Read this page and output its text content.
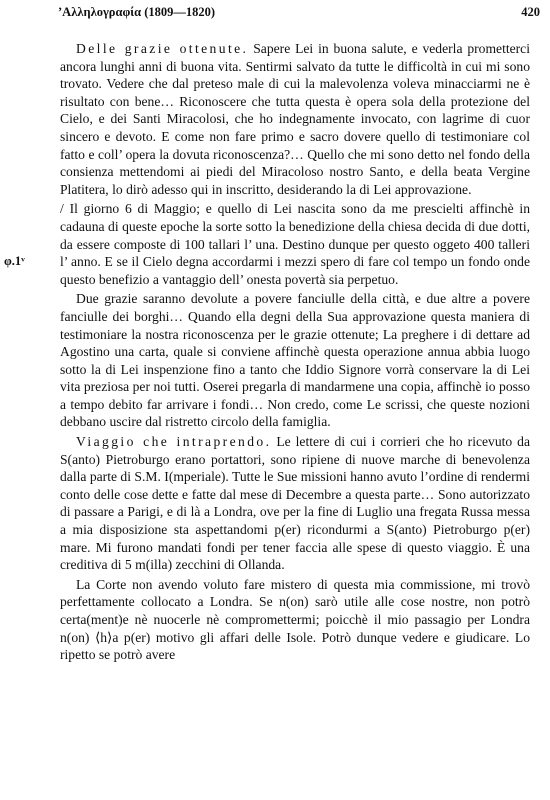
’Αλληλογραφία (1809—1820)	420
φ.1ᵛ

Delle grazie ottenute. Sapere Lei in buona salute, e vederla prometterci ancora lunghi anni di buona vita. Sentirmi salvato da tutte le difficoltà in cui mi sono trovato. Vedere che dal preteso male di cui la malevolenza voleva minacciarmi ne è risultato con bene… Riconoscere che tutta questa è opera sola della protezione del Cielo, e dei Santi Miracolosi, che ho indegnamente invocato, con lagrime di cuor sincero e devoto. E come non fare primo e sacro dovere quello di testimoniare col fatto e coll’ opera la dovuta riconoscenza?… Quello che mi sono detto nel fondo della consienza mettendomi ai piedi del Miracoloso nostro Santo, e della beata Vergine Platitera, lo dirò adesso qui in inscritto, desiderando la di Lei approvazione.

/ Il giorno 6 di Maggio; e quello di Lei nascita sono da me prescielti affinchè in cadauna di queste epoche la sorte sotto la benedizione della chiesa decida di due dotti, da essere composte di 100 tallari l’ una. Destino dunque per questo oggeto 400 talleri l’ anno. E se il Cielo degna accordarmi i mezzi spero di fare col tempo un fondo onde questo benefizio a vantaggio dell’ onesta povertà sia perpetuo.

Due grazie saranno devolute a povere fanciulle della città, e due altre a povere fanciulle dei borghi… Quando ella degni della Sua approvazione questa maniera di testimoniare la nostra riconoscenza per le grazie ottenute; La preghere i di dettare ad Agostino una carta, quale si conviene affinchè questa operazione annua abbia luogo sotto la di Lei inspenzione fino a tanto che Iddio Signore vorrà conservare la di Lei vita preziosa per noi tutti. Oserei pregarla di mandarmene una copia, affinchè io posso a tempo debito far arrivare i fondi… Non credo, come Le scrissi, che queste nozioni debbano uscire dal ristretto circolo della famiglia.

Viaggio che intraprendo. Le lettere di cui i corrieri che ho ricevuto da S(anto) Pietroburgo erano portattori, sono ripiene di nuove marche di benevolenza dalla parte di S.M. I(mperiale). Tutte le Sue missioni hanno avuto l’ordine di rendermi conto delle cose dette e fatte dal mese di Decembre a questa parte… Sono autorizzato di passare a Parigi, e di là a Londra, ove per la fine di Luglio una fregata Russa messa a mia disposizione sta aspettandomi p(er) ricondurmi a S(anto) Pietroburgo p(er) mare. Mi furono mandati fondi per tener faccia alle spese di questo viaggio. È una creditiva di 5 m(illa) zecchini di Ollanda.

La Corte non avendo voluto fare mistero di questa mia commissione, mi trovò perfettamente collocato a Londra. Se n(on) sarò utile alle cose nostre, non potrò certa(ment)e nè nuocerle nè compromettermi; poicchè il mio passagio per Londra n(on) ⟨h⟩a p(er) motivo gli affari delle Isole. Potrò dunque vedere e giudicare. Lo ripetto se potrò avere
